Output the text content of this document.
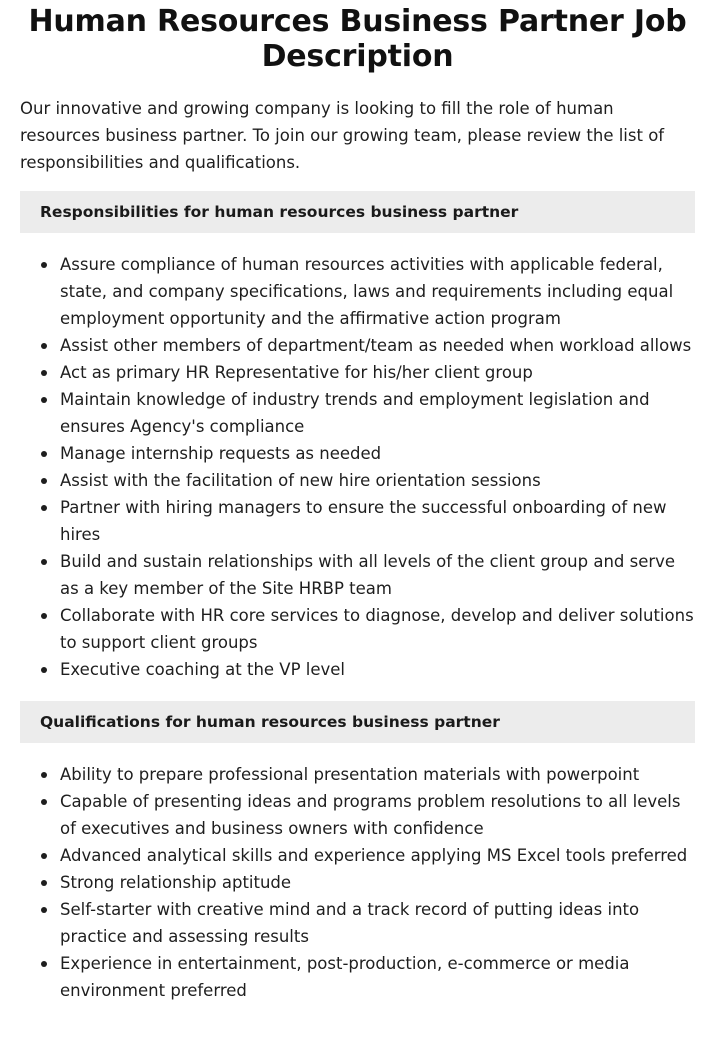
Human Resources Business Partner Job Description

Our innovative and growing company is looking to fill the role of human resources business partner. To join our growing team, please review the list of responsibilities and qualifications.

Responsibilities for human resources business partner
Assure compliance of human resources activities with applicable federal, state, and company specifications, laws and requirements including equal employment opportunity and the affirmative action program
Assist other members of department/team as needed when workload allows
Act as primary HR Representative for his/her client group
Maintain knowledge of industry trends and employment legislation and ensures Agency's compliance
Manage internship requests as needed
Assist with the facilitation of new hire orientation sessions
Partner with hiring managers to ensure the successful onboarding of new hires
Build and sustain relationships with all levels of the client group and serve as a key member of the Site HRBP team
Collaborate with HR core services to diagnose, develop and deliver solutions to support client groups
Executive coaching at the VP level
Qualifications for human resources business partner
Ability to prepare professional presentation materials with powerpoint
Capable of presenting ideas and programs problem resolutions to all levels of executives and business owners with confidence
Advanced analytical skills and experience applying MS Excel tools preferred
Strong relationship aptitude
Self-starter with creative mind and a track record of putting ideas into practice and assessing results
Experience in entertainment, post-production, e-commerce or media environment preferred
